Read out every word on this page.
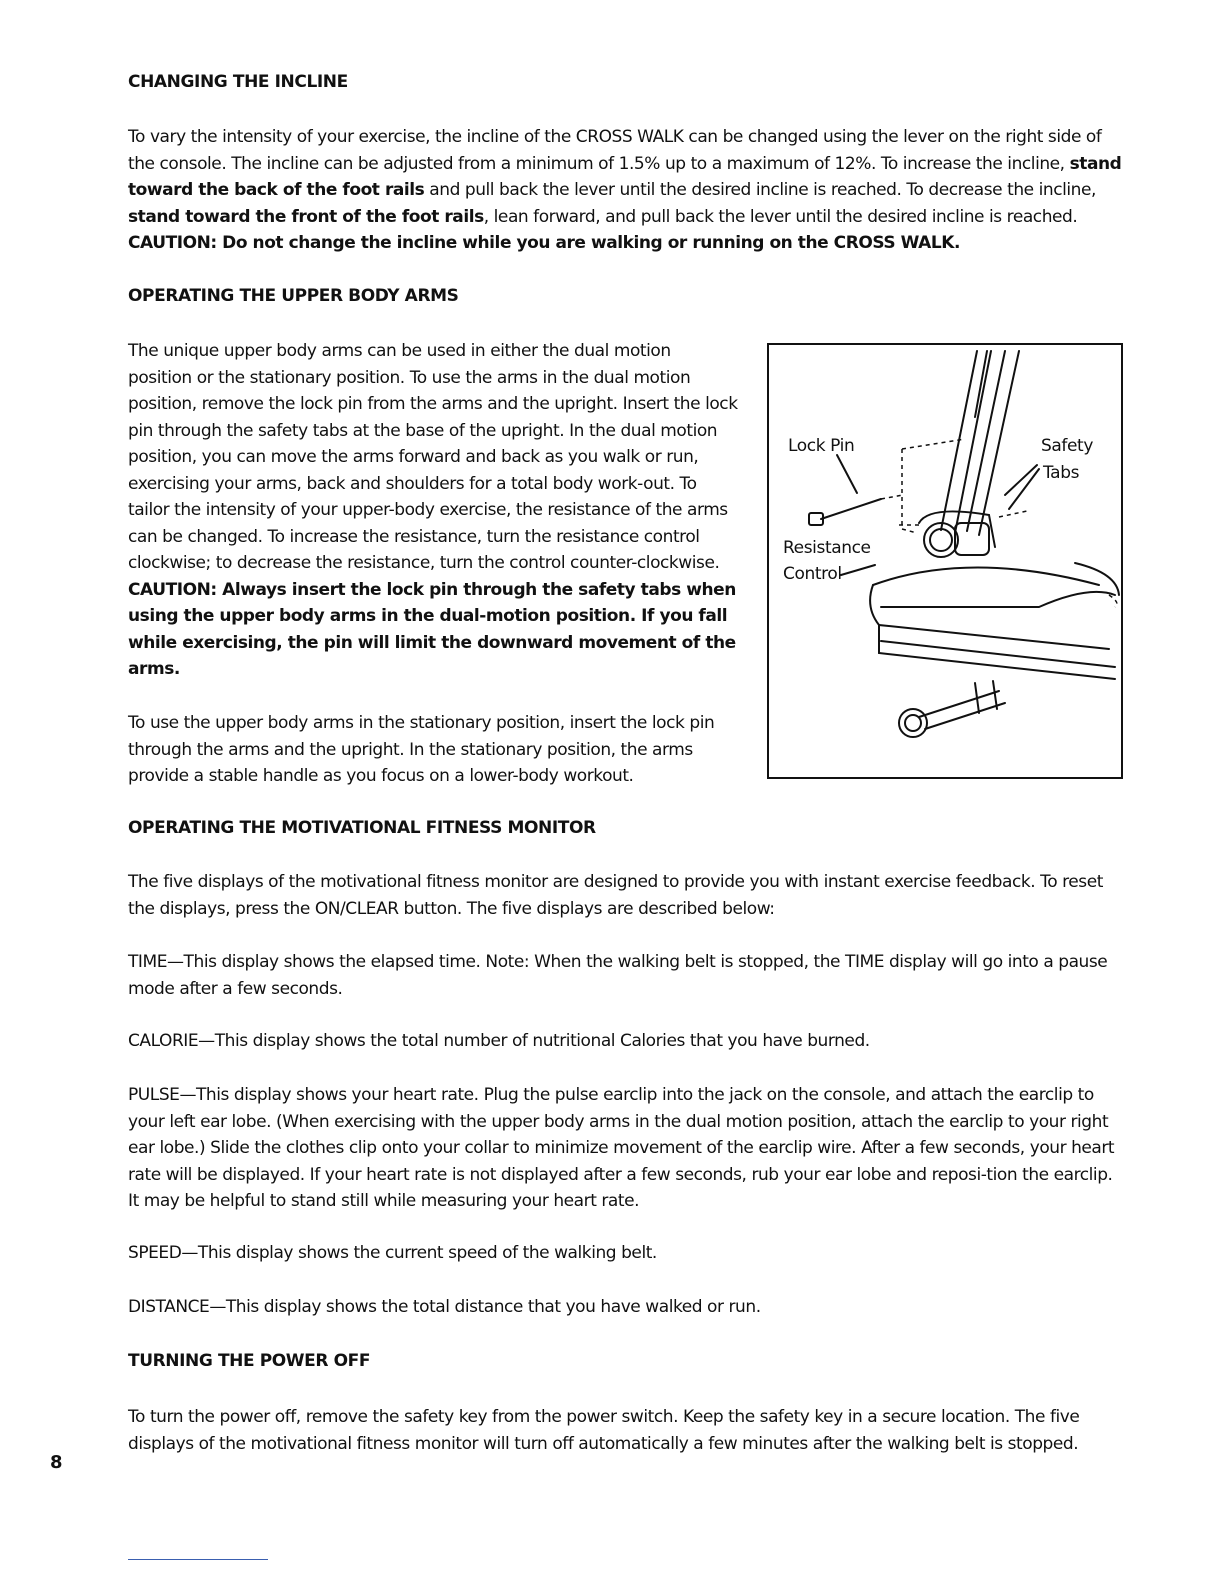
CHANGING THE INCLINE

To vary the intensity of your exercise, the incline of the CROSS WALK can be changed using the lever on the right side of the console. The incline can be adjusted from a minimum of 1.5% up to a maximum of 12%. To increase the incline, stand toward the back of the foot rails and pull back the lever until the desired incline is reached. To decrease the incline, stand toward the front of the foot rails, lean forward, and pull back the lever until the desired incline is reached. CAUTION: Do not change the incline while you are walking or running on the CROSS WALK.

OPERATING THE UPPER BODY ARMS

The unique upper body arms can be used in either the dual motion position or the stationary position. To use the arms in the dual motion position, remove the lock pin from the arms and the upright. Insert the lock pin through the safety tabs at the base of the upright. In the dual motion position, you can move the arms forward and back as you walk or run, exercising your arms, back and shoulders for a total body work-out. To tailor the intensity of your upper-body exercise, the resistance of the arms can be changed. To increase the resistance, turn the resistance control clockwise; to decrease the resistance, turn the control counter-clockwise. CAUTION: Always insert the lock pin through the safety tabs when using the upper body arms in the dual-motion position. If you fall while exercising, the pin will limit the downward movement of the arms.

To use the upper body arms in the stationary position, insert the lock pin through the arms and the upright. In the stationary position, the arms provide a stable handle as you focus on a lower-body workout.

Lock Pin	Safety
Tabs
Resistance
Control
OPERATING THE MOTIVATIONAL FITNESS MONITOR

The five displays of the motivational fitness monitor are designed to provide you with instant exercise feedback. To reset the displays, press the ON/CLEAR button. The five displays are described below:

TIME—This display shows the elapsed time. Note: When the walking belt is stopped, the TIME display will go into a pause mode after a few seconds.

CALORIE—This display shows the total number of nutritional Calories that you have burned.

PULSE—This display shows your heart rate. Plug the pulse earclip into the jack on the console, and attach the earclip to your left ear lobe. (When exercising with the upper body arms in the dual motion position, attach the earclip to your right ear lobe.) Slide the clothes clip onto your collar to minimize movement of the earclip wire. After a few seconds, your heart rate will be displayed. If your heart rate is not displayed after a few seconds, rub your ear lobe and reposi-tion the earclip. It may be helpful to stand still while measuring your heart rate.

SPEED—This display shows the current speed of the walking belt.

DISTANCE—This display shows the total distance that you have walked or run.

TURNING THE POWER OFF

To turn the power off, remove the safety key from the power switch. Keep the safety key in a secure location. The five displays of the motivational fitness monitor will turn off automatically a few minutes after the walking belt is stopped.

8
